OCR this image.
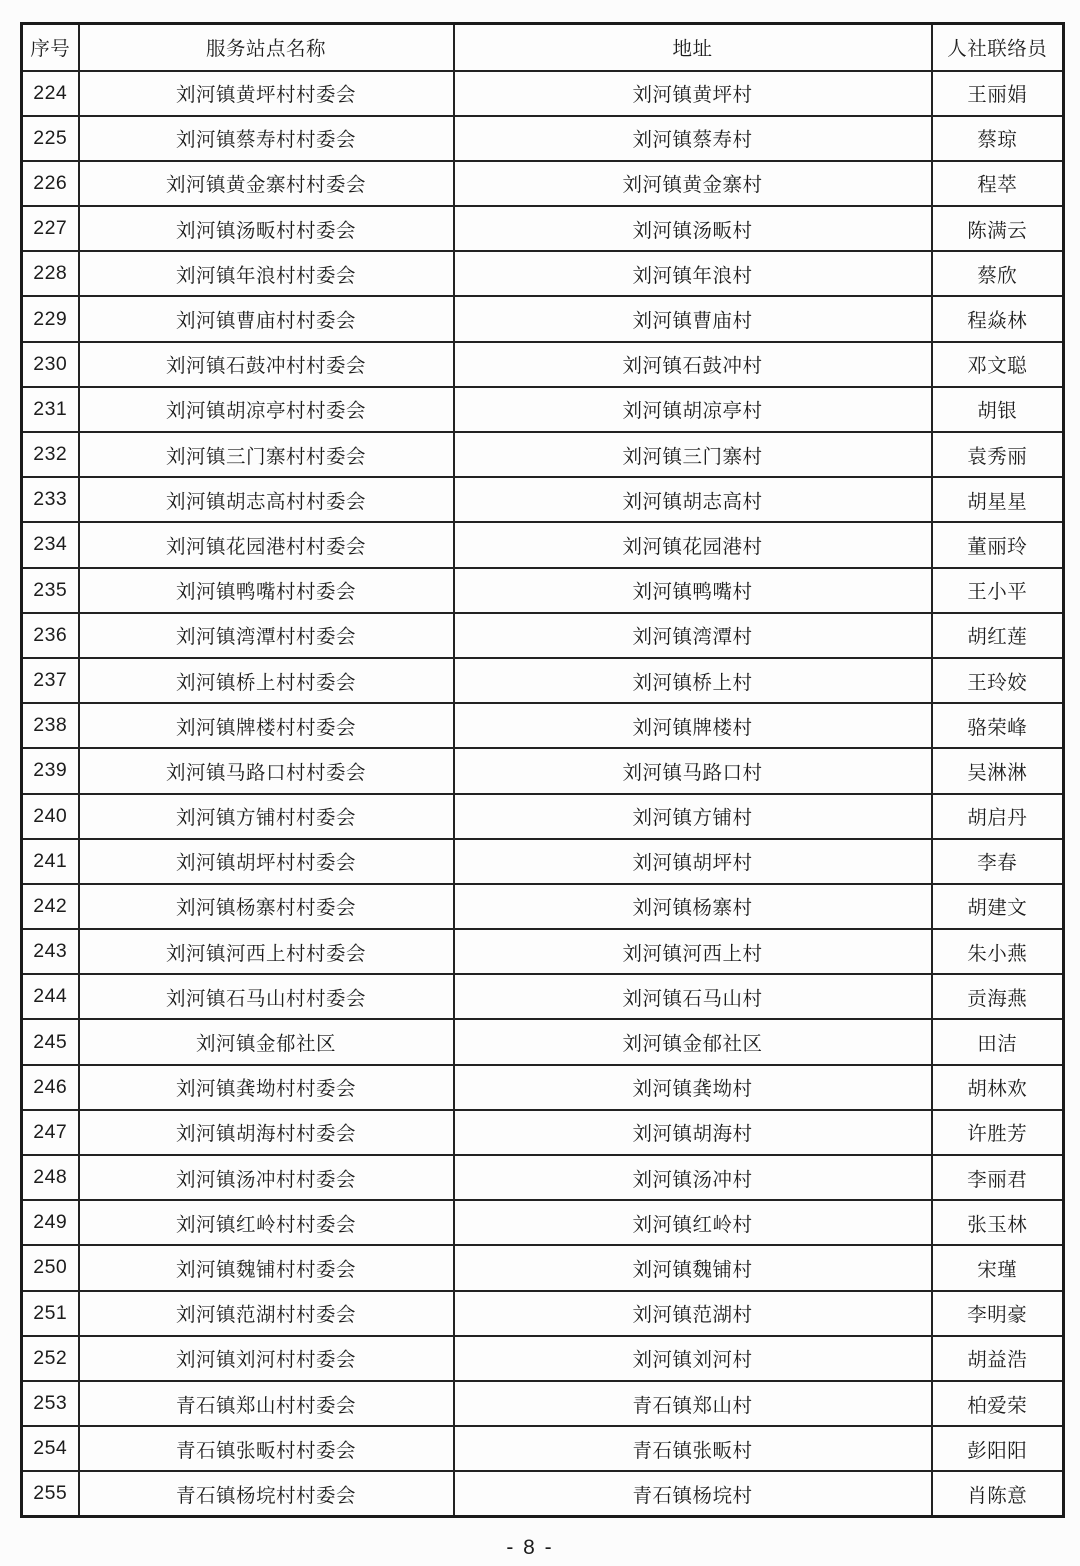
序号	服务站点名称	地址	人社联络员
224	刘河镇黄坪村村委会	刘河镇黄坪村	王丽娟
225	刘河镇蔡寿村村委会	刘河镇蔡寿村	蔡琼
226	刘河镇黄金寨村村委会	刘河镇黄金寨村	程萃
227	刘河镇汤畈村村委会	刘河镇汤畈村	陈满云
228	刘河镇年浪村村委会	刘河镇年浪村	蔡欣
229	刘河镇曹庙村村委会	刘河镇曹庙村	程焱林
230	刘河镇石鼓冲村村委会	刘河镇石鼓冲村	邓文聪
231	刘河镇胡凉亭村村委会	刘河镇胡凉亭村	胡银
232	刘河镇三门寨村村委会	刘河镇三门寨村	袁秀丽
233	刘河镇胡志高村村委会	刘河镇胡志高村	胡星星
234	刘河镇花园港村村委会	刘河镇花园港村	董丽玲
235	刘河镇鸭嘴村村委会	刘河镇鸭嘴村	王小平
236	刘河镇湾潭村村委会	刘河镇湾潭村	胡红莲
237	刘河镇桥上村村委会	刘河镇桥上村	王玲姣
238	刘河镇牌楼村村委会	刘河镇牌楼村	骆荣峰
239	刘河镇马路口村村委会	刘河镇马路口村	吴淋淋
240	刘河镇方铺村村委会	刘河镇方铺村	胡启丹
241	刘河镇胡坪村村委会	刘河镇胡坪村	李春
242	刘河镇杨寨村村委会	刘河镇杨寨村	胡建文
243	刘河镇河西上村村委会	刘河镇河西上村	朱小燕
244	刘河镇石马山村村委会	刘河镇石马山村	贡海燕
245	刘河镇金郁社区	刘河镇金郁社区	田洁
246	刘河镇龚坳村村委会	刘河镇龚坳村	胡林欢
247	刘河镇胡海村村委会	刘河镇胡海村	许胜芳
248	刘河镇汤冲村村委会	刘河镇汤冲村	李丽君
249	刘河镇红岭村村委会	刘河镇红岭村	张玉林
250	刘河镇魏铺村村委会	刘河镇魏铺村	宋瑾
251	刘河镇范湖村村委会	刘河镇范湖村	李明豪
252	刘河镇刘河村村委会	刘河镇刘河村	胡益浩
253	青石镇郑山村村委会	青石镇郑山村	柏爱荣
254	青石镇张畈村村委会	青石镇张畈村	彭阳阳
255	青石镇杨垸村村委会	青石镇杨垸村	肖陈意
- 8 -
